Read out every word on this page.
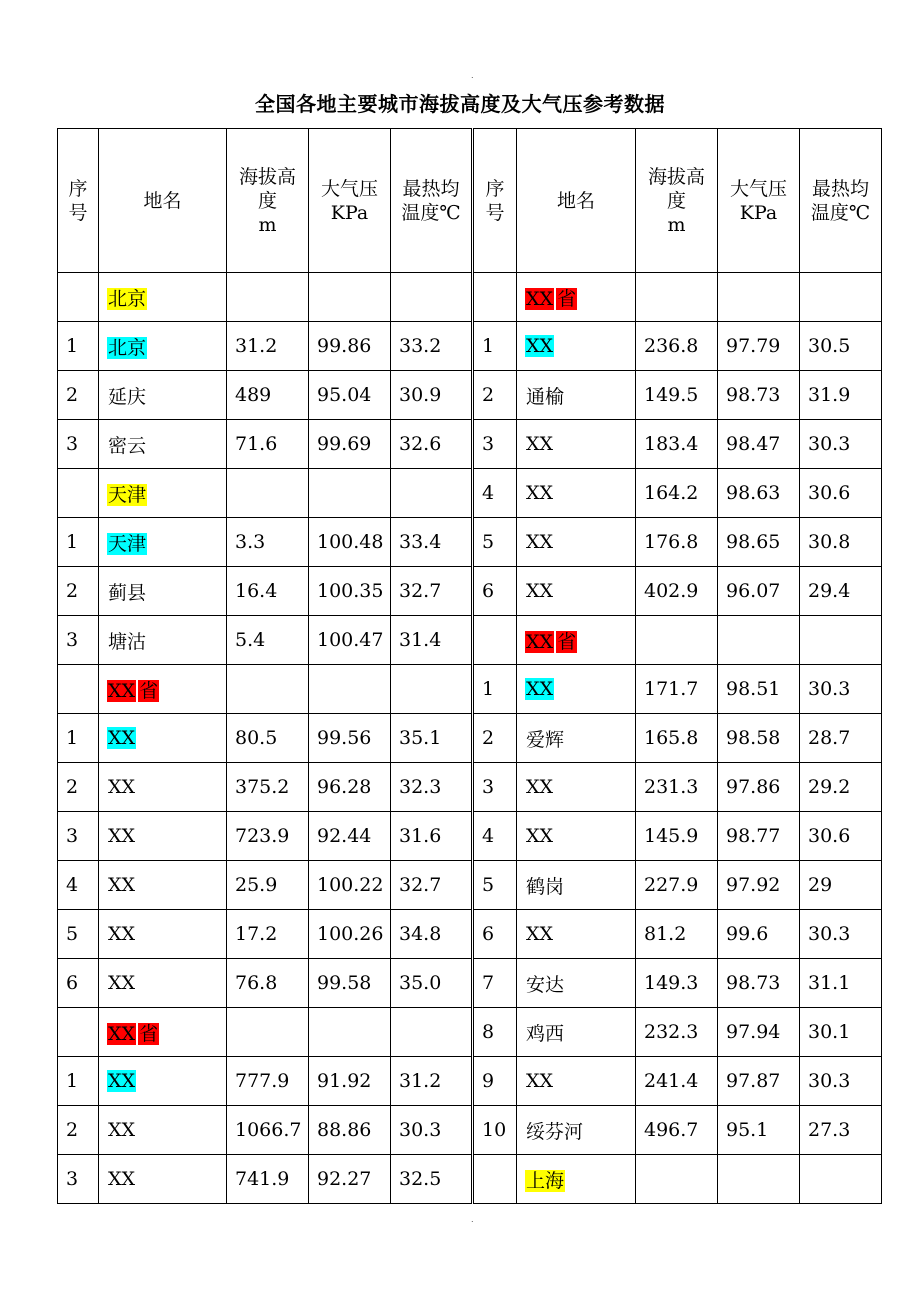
.
全国各地主要城市海拔高度及大气压参考数据
序
号	地名	海拔高
度
m	大气压
KPa	最热均
温度℃	序
号	地名	海拔高
度
m	大气压
KPa	最热均
温度℃

	北京					XX 省			
1	北京	31.2	99.86	33.2	1	XX	236.8	97.79	30.5
2	延庆	489	95.04	30.9	2	通榆	149.5	98.73	31.9
3	密云	71.6	99.69	32.6	3	XX	183.4	98.47	30.3
	天津				4	XX	164.2	98.63	30.6
1	天津	3.3	100.48	33.4	5	XX	176.8	98.65	30.8
2	蓟县	16.4	100.35	32.7	6	XX	402.9	96.07	29.4
3	塘沽	5.4	100.47	31.4		XX 省			
	XX 省				1	XX	171.7	98.51	30.3
1	XX	80.5	99.56	35.1	2	爱辉	165.8	98.58	28.7
2	XX	375.2	96.28	32.3	3	XX	231.3	97.86	29.2
3	XX	723.9	92.44	31.6	4	XX	145.9	98.77	30.6
4	XX	25.9	100.22	32.7	5	鹤岗	227.9	97.92	29
5	XX	17.2	100.26	34.8	6	XX	81.2	99.6	30.3
6	XX	76.8	99.58	35.0	7	安达	149.3	98.73	31.1
	XX 省				8	鸡西	232.3	97.94	30.1
1	XX	777.9	91.92	31.2	9	XX	241.4	97.87	30.3
2	XX	1066.7	88.86	30.3	10	绥芬河	496.7	95.1	27.3
3	XX	741.9	92.27	32.5		上海			
.
